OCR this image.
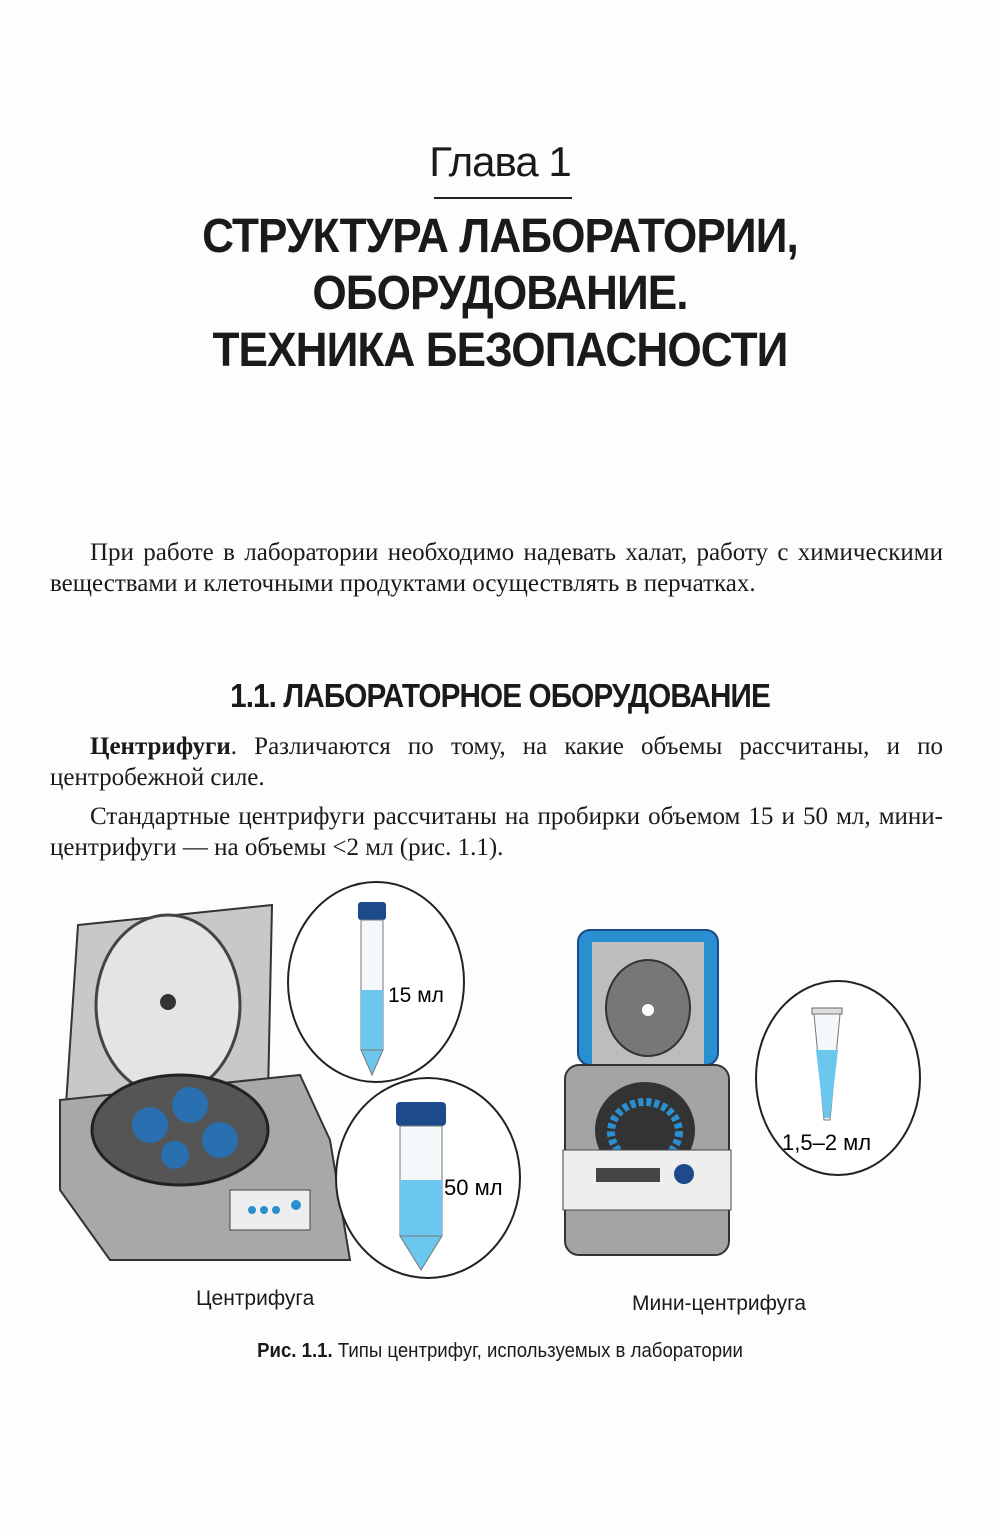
Глава 1
СТРУКТУРА ЛАБОРАТОРИИ,
ОБОРУДОВАНИЕ.
ТЕХНИКА БЕЗОПАСНОСТИ
При работе в лаборатории необходимо надевать халат, работу с химическими веществами и клеточными продуктами осуществлять в перчатках.
1.1. ЛАБОРАТОРНОЕ ОБОРУДОВАНИЕ
Центрифуги. Различаются по тому, на какие объемы рассчитаны, и по центробежной силе.
Стандартные центрифуги рассчитаны на пробирки объемом 15 и 50 мл, мини-центрифуги — на объемы <2 мл (рис. 1.1).
15 мл
50 мл
1,5–2 мл
Центрифуга	Мини-центрифуга
Рис. 1.1. Типы центрифуг, используемых в лаборатории
